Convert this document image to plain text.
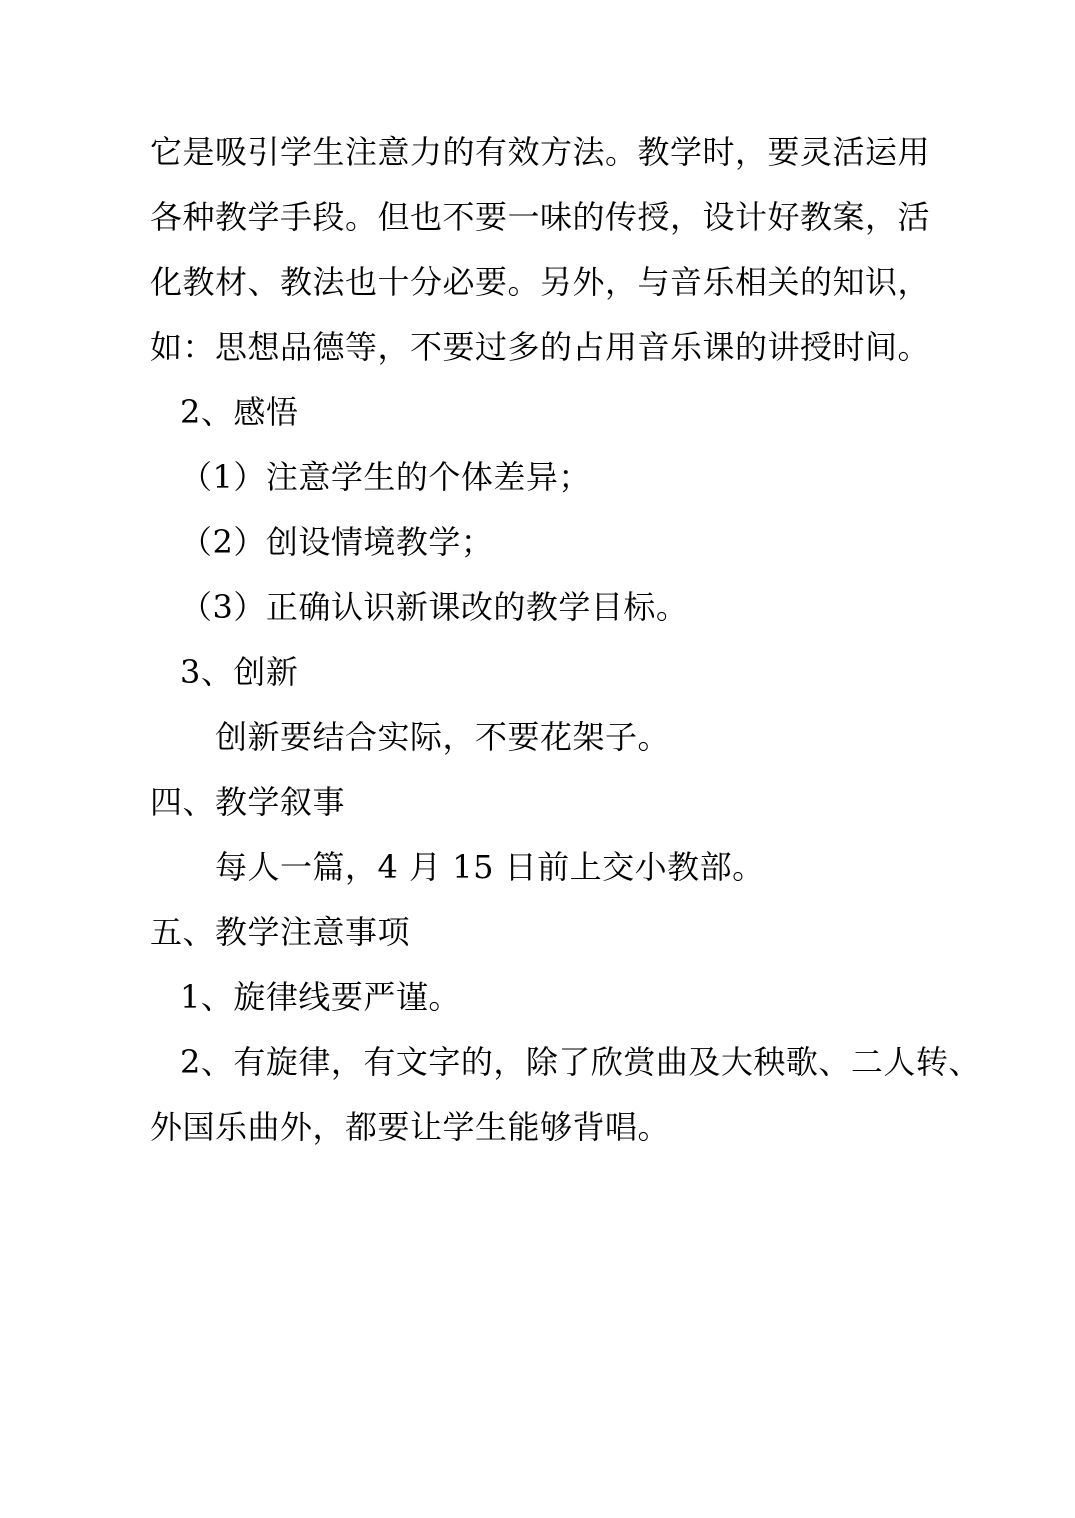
它是吸引学生注意力的有效方法。教学时，要灵活运用
各种教学手段。但也不要一味的传授，设计好教案，活
化教材、教法也十分必要。另外，与音乐相关的知识，
如：思想品德等，不要过多的占用音乐课的讲授时间。
2、感悟
（1）注意学生的个体差异；
（2）创设情境教学；
（3）正确认识新课改的教学目标。
3、创新
创新要结合实际，不要花架子。
四、教学叙事
每人一篇，4 月 15 日前上交小教部。
五、教学注意事项
1、旋律线要严谨。
2、有旋律，有文字的，除了欣赏曲及大秧歌、二人转、
外国乐曲外，都要让学生能够背唱。
